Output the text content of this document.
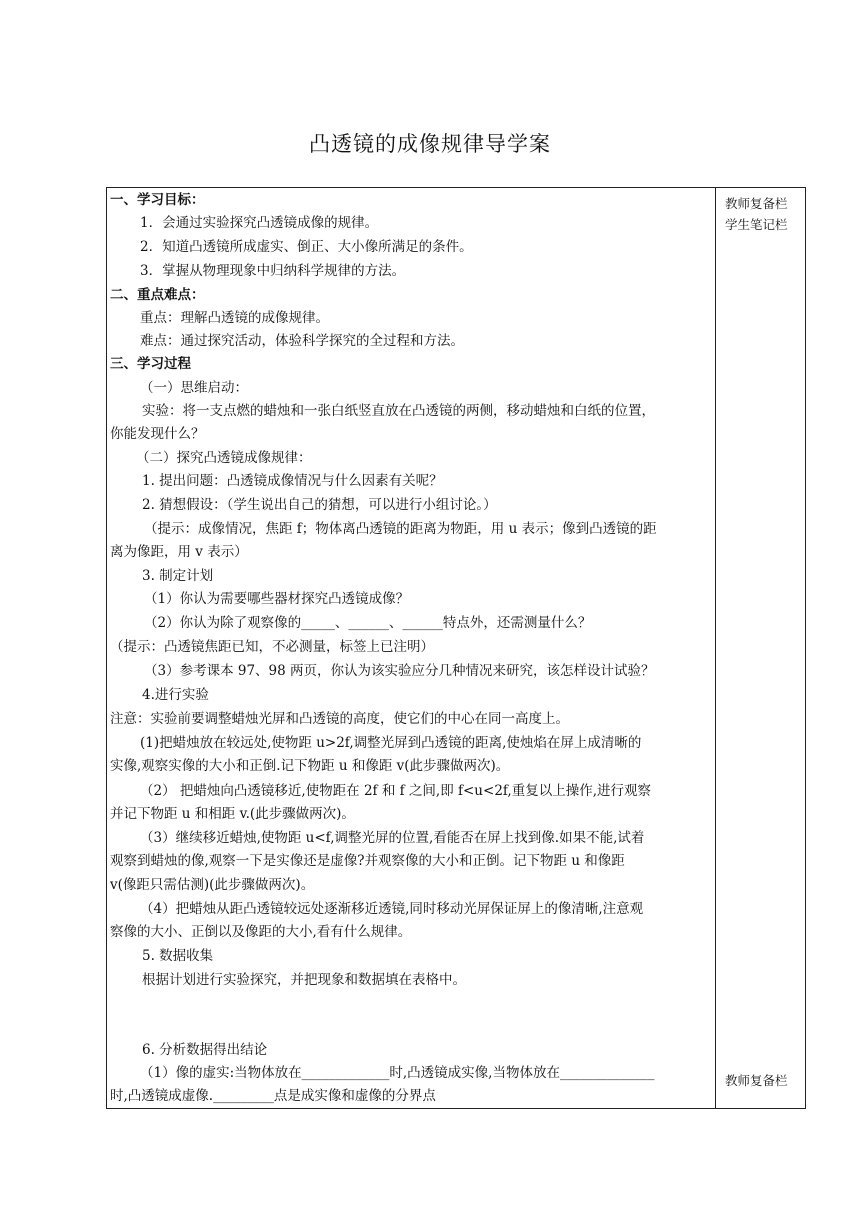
凸透镜的成像规律导学案
一、学习目标：
1．会通过实验探究凸透镜成像的规律。
2．知道凸透镜所成虚实、倒正、大小像所满足的条件。
3．掌握从物理现象中归纳科学规律的方法。
二、重点难点：
重点：理解凸透镜的成像规律。
难点：通过探究活动，体验科学探究的全过程和方法。
三、学习过程
（一）思维启动：
实验：将一支点燃的蜡烛和一张白纸竖直放在凸透镜的两侧，移动蜡烛和白纸的位置，
你能发现什么？
（二）探究凸透镜成像规律：
1. 提出问题：凸透镜成像情况与什么因素有关呢？
2. 猜想假设：（学生说出自己的猜想，可以进行小组讨论。）
（提示：成像情况，焦距 f；物体离凸透镜的距离为物距，用 u 表示；像到凸透镜的距
离为像距，用 v 表示）
3. 制定计划
（1）你认为需要哪些器材探究凸透镜成像？
（2）你认为除了观察像的_____、______、______特点外，还需测量什么？
（提示：凸透镜焦距已知，不必测量，标签上已注明）
（3）参考课本 97、98 两页，你认为该实验应分几种情况来研究，该怎样设计试验？
4.进行实验
注意：实验前要调整蜡烛光屏和凸透镜的高度，使它们的中心在同一高度上。
(1)把蜡烛放在较远处,使物距 u>2f,调整光屏到凸透镜的距离,使烛焰在屏上成清晰的
实像,观察实像的大小和正倒.记下物距 u 和像距 v(此步骤做两次)。
（2） 把蜡烛向凸透镜移近,使物距在 2f 和 f 之间,即 f<u<2f,重复以上操作,进行观察
并记下物距 u 和相距 v.(此步骤做两次)。
（3）继续移近蜡烛,使物距 u<f,调整光屏的位置,看能否在屏上找到像.如果不能,试着
观察到蜡烛的像,观察一下是实像还是虚像?并观察像的大小和正倒。记下物距 u 和像距
v(像距只需估测)(此步骤做两次)。
（4）把蜡烛从距凸透镜较远处逐渐移近透镜,同时移动光屏保证屏上的像清晰,注意观
察像的大小、正倒以及像距的大小,看有什么规律。
5. 数据收集
根据计划进行实验探究，并把现象和数据填在表格中。
6. 分析数据得出结论
（1）像的虚实:当物体放在_____________时,凸透镜成实像,当物体放在______________
时,凸透镜成虚像._________点是成实像和虚像的分界点
教师复备栏
学生笔记栏
教师复备栏
